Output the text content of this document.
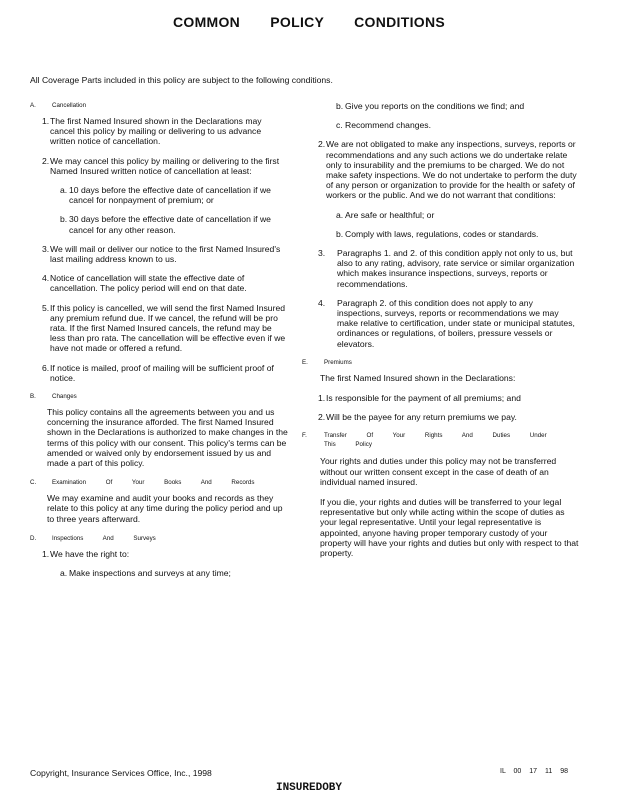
COMMON POLICY CONDITIONS
All Coverage Parts included in this policy are subject to the following conditions.
A.	Cancellation
1. The first Named Insured shown in the Declarations may cancel this policy by mailing or delivering to us advance written notice of cancellation.
2. We may cancel this policy by mailing or delivering to the first Named Insured written notice of cancellation at least:
a. 10 days before the effective date of cancellation if we cancel for nonpayment of premium; or
b. 30 days before the effective date of cancellation if we cancel for any other reason.
3. We will mail or deliver our notice to the first Named Insured's last mailing address known to us.
4. Notice of cancellation will state the effective date of cancellation. The policy period will end on that date.
5. If this policy is cancelled, we will send the first Named Insured any premium refund due. If we cancel, the refund will be pro rata. If the first Named Insured cancels, the refund may be less than pro rata. The cancellation will be effective even if we have not made or offered a refund.
6. If notice is mailed, proof of mailing will be sufficient proof of notice.
B.	Changes
This policy contains all the agreements between you and us concerning the insurance afforded. The first Named Insured shown in the Declarations is authorized to make changes in the terms of this policy with our consent. This policy's terms can be amended or waived only by endorsement issued by us and made a part of this policy.
C.	Examination Of Your Books And Records
We may examine and audit your books and records as they relate to this policy at any time during the policy period and up to three years afterward.
D.	Inspections And Surveys
1. We have the right to:
a. Make inspections and surveys at any time;
b. Give you reports on the conditions we find; and
c. Recommend changes.
2. We are not obligated to make any inspections, surveys, reports or recommendations and any such actions we do undertake relate only to insurability and the premiums to be charged. We do not make safety inspections. We do not undertake to perform the duty of any person or organization to provide for the health or safety of workers or the public. And we do not warrant that conditions:
a. Are safe or healthful; or
b. Comply with laws, regulations, codes or standards.
3.	Paragraphs 1. and 2. of this condition apply not only to us, but also to any rating, advisory, rate service or similar organization which makes insurance inspections, surveys, reports or recommendations.
4.	Paragraph 2. of this condition does not apply to any inspections, surveys, reports or recommendations we may make relative to certification, under state or municipal statutes, ordinances or regulations, of boilers, pressure vessels or elevators.
E.	Premiums
The first Named Insured shown in the Declarations:
1. Is responsible for the payment of all premiums; and
2. Will be the payee for any return premiums we pay.
F.	Transfer Of Your Rights And Duties Under This Policy
Your rights and duties under this policy may not be transferred without our written consent except in the case of death of an individual named insured.
If you die, your rights and duties will be transferred to your legal representative but only while acting within the scope of duties as your legal representative. Until your legal representative is appointed, anyone having proper temporary custody of your property will have your rights and duties but only with respect to that property.
Copyright, Insurance Services Office, Inc., 1998	IL 00 17 11 98
INSUREDOBY
